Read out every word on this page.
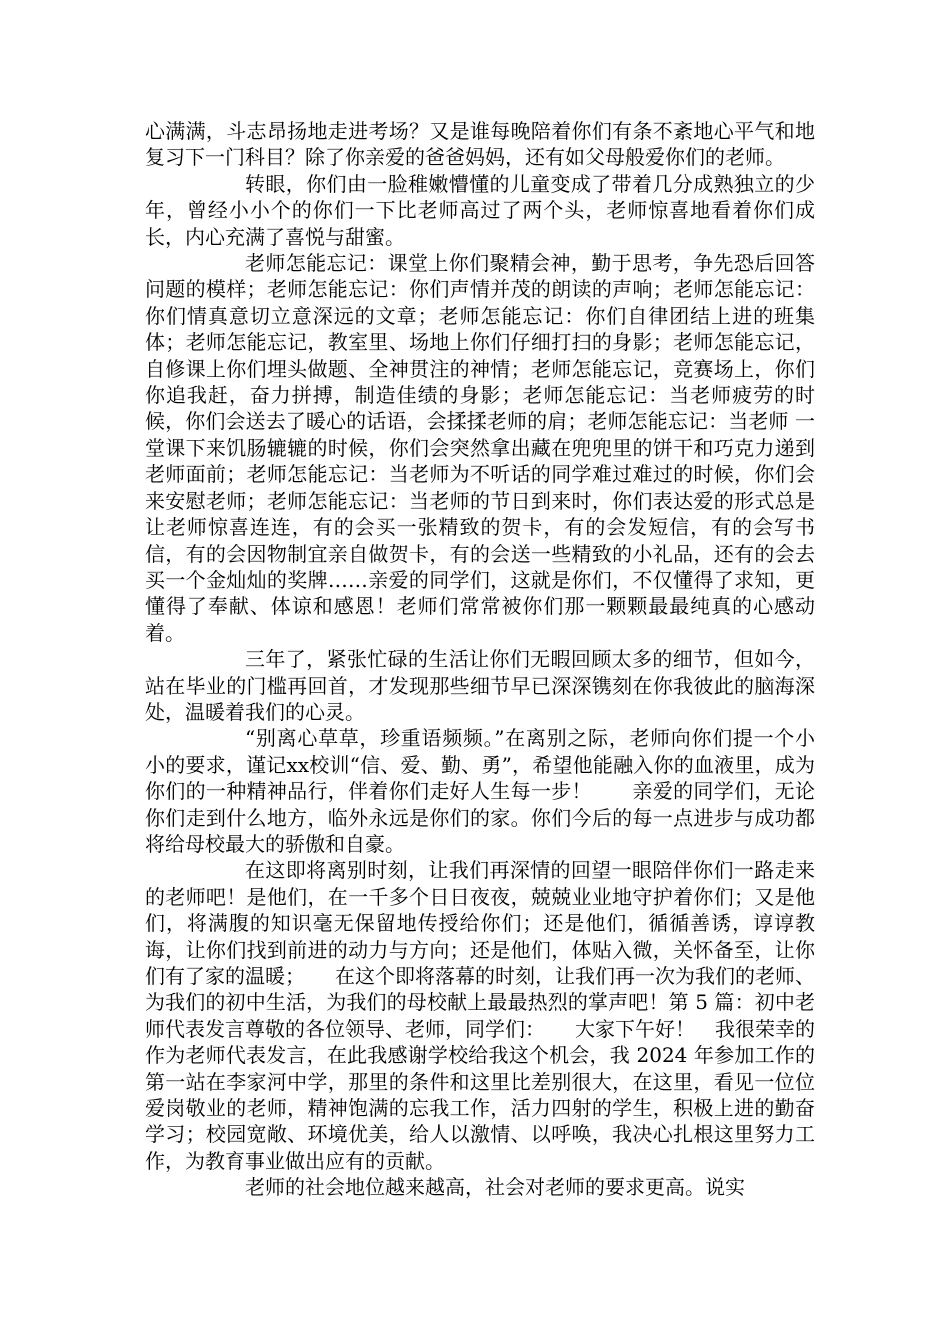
心满满，斗志昂扬地走进考场？又是谁每晚陪着你们有条不紊地心平气和地复习下一门科目？除了你亲爱的爸爸妈妈，还有如父母般爱你们的老师。

转眼，你们由一脸稚嫩懵懂的儿童变成了带着几分成熟独立的少年，曾经小小个的你们一下比老师高过了两个头，老师惊喜地看着你们成长，内心充满了喜悦与甜蜜。

老师怎能忘记：课堂上你们聚精会神，勤于思考，争先恐后回答问题的模样；老师怎能忘记：你们声情并茂的朗读的声响；老师怎能忘记：你们情真意切立意深远的文章；老师怎能忘记：你们自律团结上进的班集体；老师怎能忘记，教室里、场地上你们仔细打扫的身影；老师怎能忘记，自修课上你们埋头做题、全神贯注的神情；老师怎能忘记，竞赛场上，你们你追我赶，奋力拼搏，制造佳绩的身影；老师怎能忘记：当老师疲劳的时候，你们会送去了暖心的话语，会揉揉老师的肩；老师怎能忘记：当老师 一堂课下来饥肠辘辘的时候，你们会突然拿出藏在兜兜里的饼干和巧克力递到老师面前；老师怎能忘记：当老师为不听话的同学难过难过的时候，你们会来安慰老师；老师怎能忘记：当老师的节日到来时，你们表达爱的形式总是让老师惊喜连连，有的会买一张精致的贺卡，有的会发短信，有的会写书信，有的会因物制宜亲自做贺卡，有的会送一些精致的小礼品，还有的会去买一个金灿灿的奖牌……亲爱的同学们，这就是你们，不仅懂得了求知，更懂得了奉献、体谅和感恩！老师们常常被你们那一颗颗最最纯真的心感动着。

三年了，紧张忙碌的生活让你们无暇回顾太多的细节，但如今，站在毕业的门槛再回首，才发现那些细节早已深深镌刻在你我彼此的脑海深处，温暖着我们的心灵。

“别离心草草，珍重语频频。”在离别之际，老师向你们提一个小小的要求，谨记xx校训“信、爱、勤、勇”，希望他能融入你的血液里，成为你们的一种精神品行，伴着你们走好人生每一步！　　亲爱的同学们，无论你们走到什么地方，临外永远是你们的家。你们今后的每一点进步与成功都将给母校最大的骄傲和自豪。

在这即将离别时刻，让我们再深情的回望一眼陪伴你们一路走来的老师吧！是他们，在一千多个日日夜夜，兢兢业业地守护着你们；又是他们，将满腹的知识毫无保留地传授给你们；还是他们，循循善诱，谆谆教诲，让你们找到前进的动力与方向；还是他们，体贴入微，关怀备至，让你们有了家的温暖；　　在这个即将落幕的时刻，让我们再一次为我们的老师、为我们的初中生活，为我们的母校献上最最热烈的掌声吧！第 5 篇：初中老师代表发言尊敬的各位领导、老师，同学们：　　大家下午好！　我很荣幸的作为老师代表发言，在此我感谢学校给我这个机会，我 2024 年参加工作的第一站在李家河中学，那里的条件和这里比差别很大，在这里，看见一位位爱岗敬业的老师，精神饱满的忘我工作，活力四射的学生，积极上进的勤奋学习；校园宽敞、环境优美，给人以激情、以呼唤，我决心扎根这里努力工作，为教育事业做出应有的贡献。

老师的社会地位越来越高，社会对老师的要求更高。说实
